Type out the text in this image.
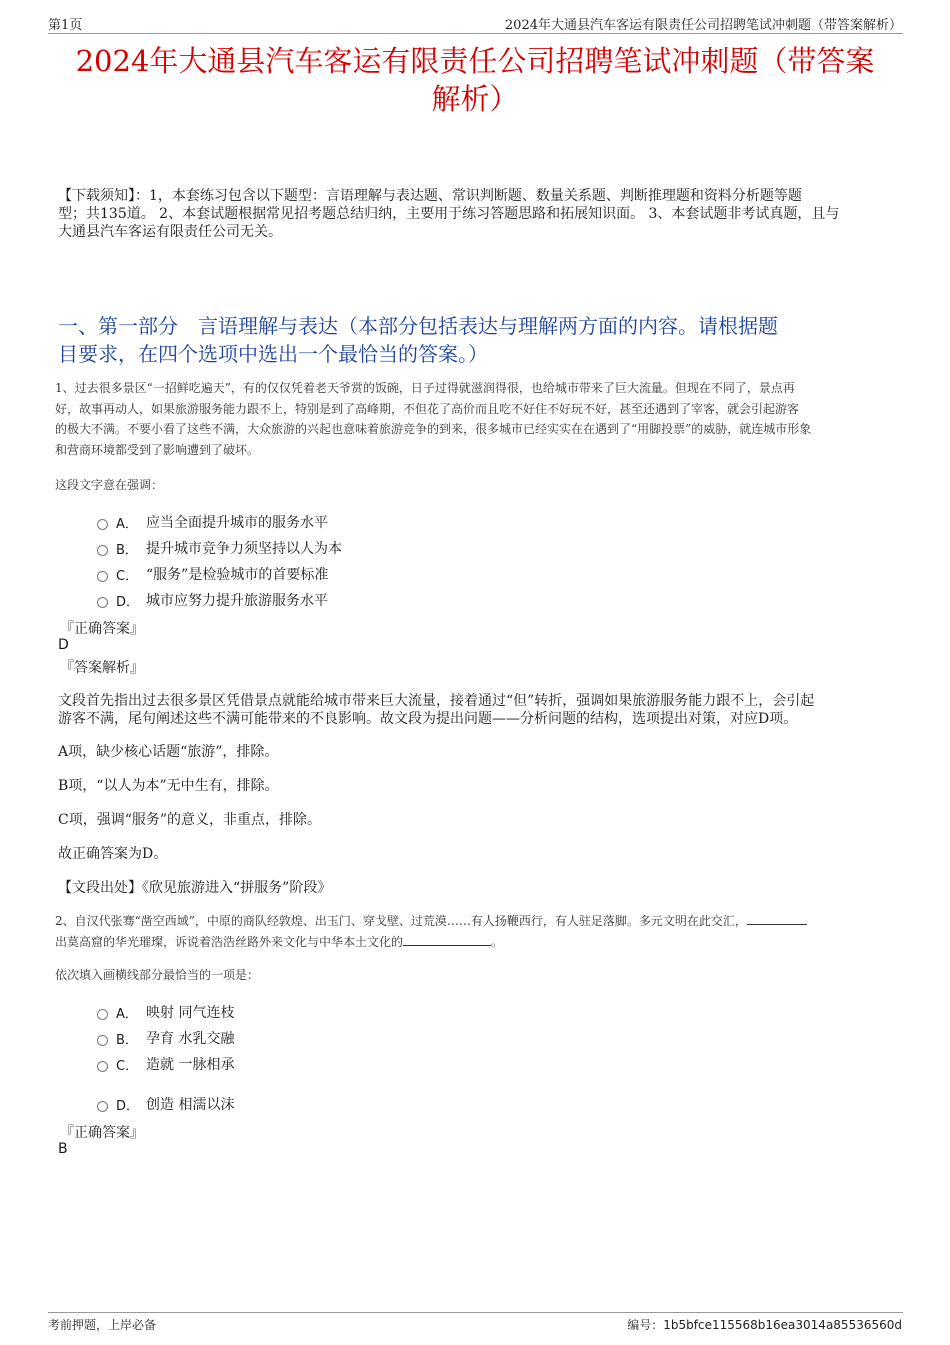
第1页	2024年大通县汽车客运有限责任公司招聘笔试冲刺题（带答案解析）
2024年大通县汽车客运有限责任公司招聘笔试冲刺题（带答案
解析）
【下载须知】：1，本套练习包含以下题型：言语理解与表达题、常识判断题、数量关系题、判断推理题和资料分析题等题
型；共135道。 2、本套试题根据常见招考题总结归纳，主要用于练习答题思路和拓展知识面。 3、本套试题非考试真题，且与
大通县汽车客运有限责任公司无关。
一、第一部分　言语理解与表达（本部分包括表达与理解两方面的内容。请根据题
目要求，在四个选项中选出一个最恰当的答案。）
1、过去很多景区“一招鲜吃遍天”，有的仅仅凭着老天爷赏的饭碗，日子过得就滋润得很，也给城市带来了巨大流量。但现在不同了，景点再
好，故事再动人，如果旅游服务能力跟不上，特别是到了高峰期，不但花了高价而且吃不好住不好玩不好，甚至还遇到了宰客，就会引起游客
的极大不满。不要小看了这些不满，大众旅游的兴起也意味着旅游竞争的到来，很多城市已经实实在在遇到了“用脚投票”的威胁，就连城市形象
和营商环境都受到了影响遭到了破坏。
这段文字意在强调：
A． 应当全面提升城市的服务水平
B． 提升城市竞争力须坚持以人为本
C． “服务”是检验城市的首要标准
D． 城市应努力提升旅游服务水平
『正确答案』
D
『答案解析』
文段首先指出过去很多景区凭借景点就能给城市带来巨大流量，接着通过“但”转折，强调如果旅游服务能力跟不上，会引起
游客不满，尾句阐述这些不满可能带来的不良影响。故文段为提出问题——分析问题的结构，选项提出对策，对应D项。
A项，缺少核心话题“旅游”，排除。
B项，“以人为本”无中生有，排除。
C项，强调“服务”的意义，非重点，排除。
故正确答案为D。
【文段出处】《欣见旅游进入“拼服务”阶段》
2、自汉代张骞“凿空西域”，中原的商队经敦煌、出玉门、穿戈壁、过荒漠……有人扬鞭西行，有人驻足落脚。多元文明在此交汇，
出莫高窟的华光璀璨，诉说着浩浩丝路外来文化与中华本土文化的	。
依次填入画横线部分最恰当的一项是：
A． 映射 同气连枝
B． 孕育 水乳交融
C． 造就 一脉相承
D． 创造 相濡以沫
『正确答案』
B
考前押题，上岸必备	编号：1b5bfce115568b16ea3014a85536560d
